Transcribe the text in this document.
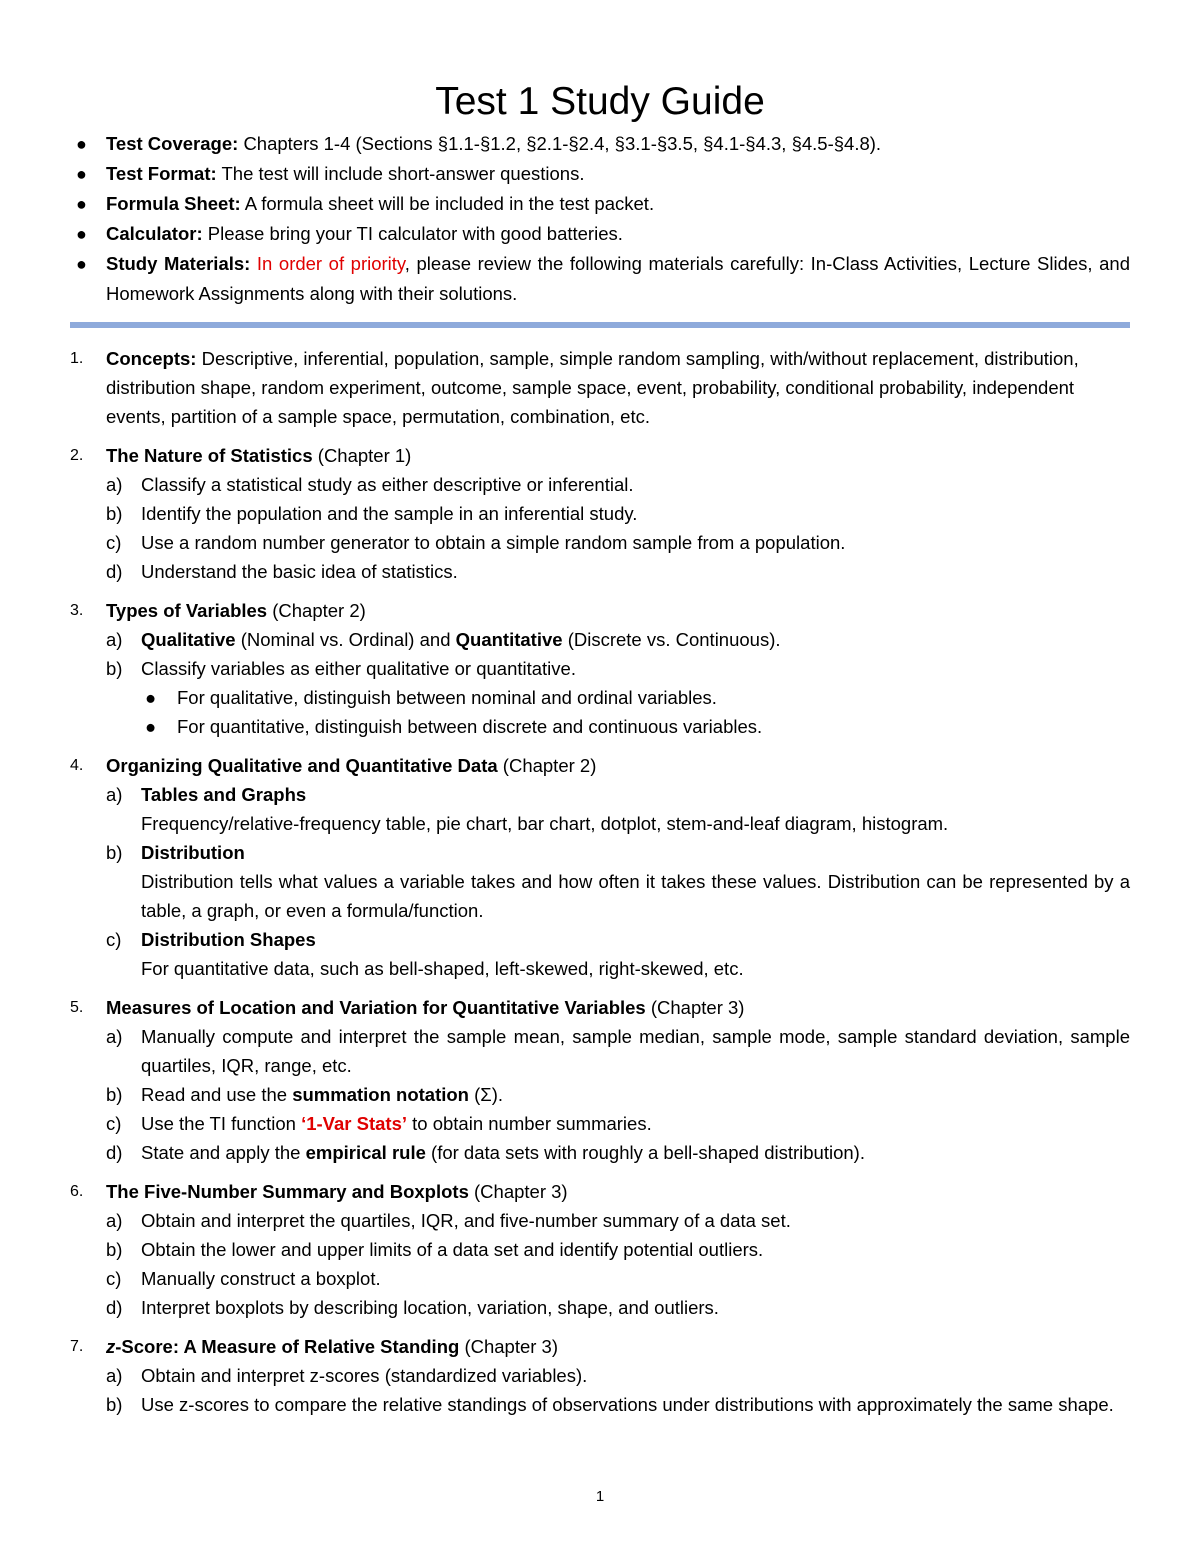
Test 1 Study Guide
● Test Coverage: Chapters 1-4 (Sections §1.1-§1.2, §2.1-§2.4, §3.1-§3.5, §4.1-§4.3, §4.5-§4.8).
● Test Format: The test will include short-answer questions.
● Formula Sheet: A formula sheet will be included in the test packet.
● Calculator: Please bring your TI calculator with good batteries.
● Study Materials: In order of priority, please review the following materials carefully: In-Class Activities, Lecture Slides, and Homework Assignments along with their solutions.
1. Concepts: Descriptive, inferential, population, sample, simple random sampling, with/without replacement, distribution, distribution shape, random experiment, outcome, sample space, event, probability, conditional probability, independent events, partition of a sample space, permutation, combination, etc.
2. The Nature of Statistics (Chapter 1)
a) Classify a statistical study as either descriptive or inferential.
b) Identify the population and the sample in an inferential study.
c) Use a random number generator to obtain a simple random sample from a population.
d) Understand the basic idea of statistics.
3. Types of Variables (Chapter 2)
a) Qualitative (Nominal vs. Ordinal) and Quantitative (Discrete vs. Continuous).
b) Classify variables as either qualitative or quantitative.
● For qualitative, distinguish between nominal and ordinal variables.
● For quantitative, distinguish between discrete and continuous variables.
4. Organizing Qualitative and Quantitative Data (Chapter 2)
a) Tables and Graphs
Frequency/relative-frequency table, pie chart, bar chart, dotplot, stem-and-leaf diagram, histogram.
b) Distribution
Distribution tells what values a variable takes and how often it takes these values. Distribution can be represented by a table, a graph, or even a formula/function.
c) Distribution Shapes
For quantitative data, such as bell-shaped, left-skewed, right-skewed, etc.
5. Measures of Location and Variation for Quantitative Variables (Chapter 3)
a) Manually compute and interpret the sample mean, sample median, sample mode, sample standard deviation, sample quartiles, IQR, range, etc.
b) Read and use the summation notation (Σ).
c) Use the TI function ‘1-Var Stats’ to obtain number summaries.
d) State and apply the empirical rule (for data sets with roughly a bell-shaped distribution).
6. The Five-Number Summary and Boxplots (Chapter 3)
a) Obtain and interpret the quartiles, IQR, and five-number summary of a data set.
b) Obtain the lower and upper limits of a data set and identify potential outliers.
c) Manually construct a boxplot.
d) Interpret boxplots by describing location, variation, shape, and outliers.
7. z-Score: A Measure of Relative Standing (Chapter 3)
a) Obtain and interpret z-scores (standardized variables).
b) Use z-scores to compare the relative standings of observations under distributions with approximately the same shape.
1
